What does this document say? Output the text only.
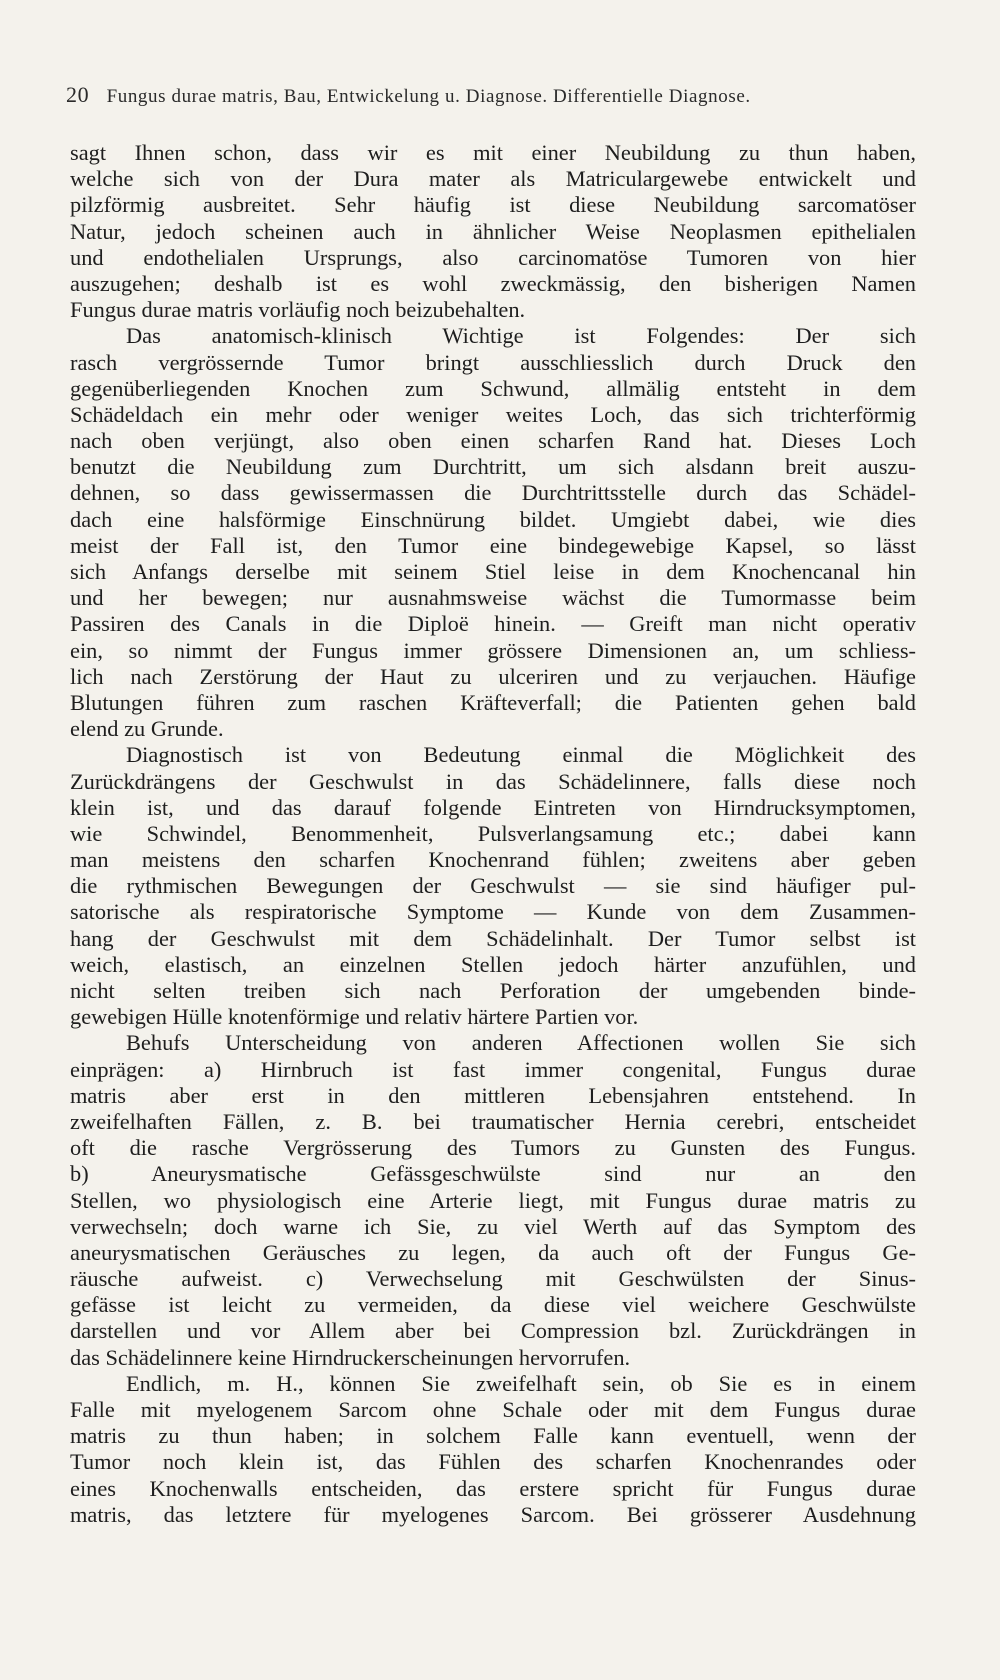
20 Fungus durae matris, Bau, Entwickelung u. Diagnose. Differentielle Diagnose.
sagt Ihnen schon, dass wir es mit einer Neubildung zu thun haben,
welche sich von der Dura mater als Matriculargewebe entwickelt und
pilzförmig ausbreitet. Sehr häufig ist diese Neubildung sarcomatöser
Natur, jedoch scheinen auch in ähnlicher Weise Neoplasmen epithelialen
und endothelialen Ursprungs, also carcinomatöse Tumoren von hier
auszugehen; deshalb ist es wohl zweckmässig, den bisherigen Namen
Fungus durae matris vorläufig noch beizubehalten.
Das anatomisch-klinisch Wichtige ist Folgendes: Der sich
rasch vergrössernde Tumor bringt ausschliesslich durch Druck den
gegenüberliegenden Knochen zum Schwund, allmälig entsteht in dem
Schädeldach ein mehr oder weniger weites Loch, das sich trichterförmig
nach oben verjüngt, also oben einen scharfen Rand hat. Dieses Loch
benutzt die Neubildung zum Durchtritt, um sich alsdann breit auszu-
dehnen, so dass gewissermassen die Durchtrittsstelle durch das Schädel-
dach eine halsförmige Einschnürung bildet. Umgiebt dabei, wie dies
meist der Fall ist, den Tumor eine bindegewebige Kapsel, so lässt
sich Anfangs derselbe mit seinem Stiel leise in dem Knochencanal hin
und her bewegen; nur ausnahmsweise wächst die Tumormasse beim
Passiren des Canals in die Diploë hinein. — Greift man nicht operativ
ein, so nimmt der Fungus immer grössere Dimensionen an, um schliess-
lich nach Zerstörung der Haut zu ulceriren und zu verjauchen. Häufige
Blutungen führen zum raschen Kräfteverfall; die Patienten gehen bald
elend zu Grunde.
Diagnostisch ist von Bedeutung einmal die Möglichkeit des
Zurückdrängens der Geschwulst in das Schädelinnere, falls diese noch
klein ist, und das darauf folgende Eintreten von Hirndrucksymptomen,
wie Schwindel, Benommenheit, Pulsverlangsamung etc.; dabei kann
man meistens den scharfen Knochenrand fühlen; zweitens aber geben
die rythmischen Bewegungen der Geschwulst — sie sind häufiger pul-
satorische als respiratorische Symptome — Kunde von dem Zusammen-
hang der Geschwulst mit dem Schädelinhalt. Der Tumor selbst ist
weich, elastisch, an einzelnen Stellen jedoch härter anzufühlen, und
nicht selten treiben sich nach Perforation der umgebenden binde-
gewebigen Hülle knotenförmige und relativ härtere Partien vor.
Behufs Unterscheidung von anderen Affectionen wollen Sie sich
einprägen: a) Hirnbruch ist fast immer congenital, Fungus durae
matris aber erst in den mittleren Lebensjahren entstehend. In
zweifelhaften Fällen, z. B. bei traumatischer Hernia cerebri, entscheidet
oft die rasche Vergrösserung des Tumors zu Gunsten des Fungus.
b) Aneurysmatische Gefässgeschwülste sind nur an den
Stellen, wo physiologisch eine Arterie liegt, mit Fungus durae matris zu
verwechseln; doch warne ich Sie, zu viel Werth auf das Symptom des
aneurysmatischen Geräusches zu legen, da auch oft der Fungus Ge-
räusche aufweist. c) Verwechselung mit Geschwülsten der Sinus-
gefässe ist leicht zu vermeiden, da diese viel weichere Geschwülste
darstellen und vor Allem aber bei Compression bzl. Zurückdrängen in
das Schädelinnere keine Hirndruckerscheinungen hervorrufen.
Endlich, m. H., können Sie zweifelhaft sein, ob Sie es in einem
Falle mit myelogenem Sarcom ohne Schale oder mit dem Fungus durae
matris zu thun haben; in solchem Falle kann eventuell, wenn der
Tumor noch klein ist, das Fühlen des scharfen Knochenrandes oder
eines Knochenwalls entscheiden, das erstere spricht für Fungus durae
matris, das letztere für myelogenes Sarcom. Bei grösserer Ausdehnung
